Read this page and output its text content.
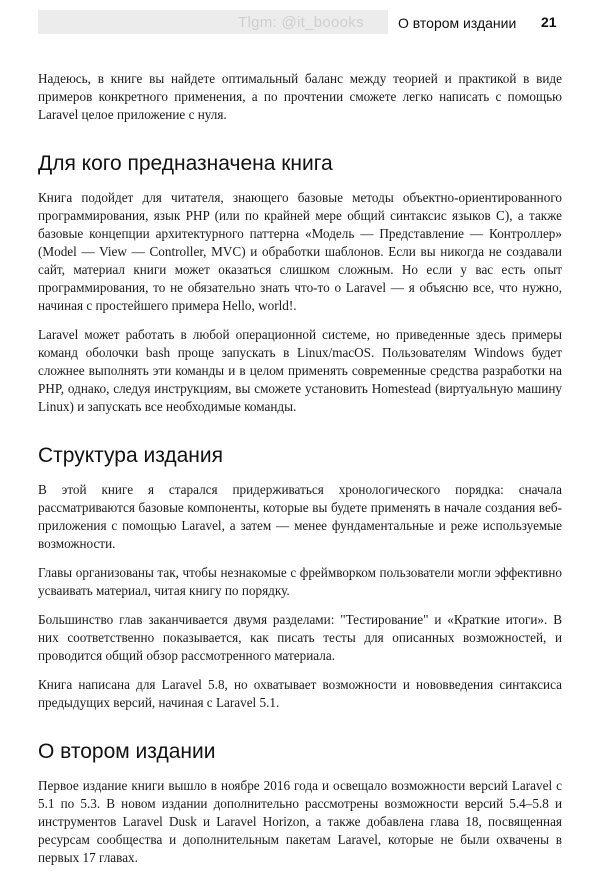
Tlgm: @it_boooks О втором издании 21

Надеюсь, в книге вы найдете оптимальный баланс между теорией и практикой в виде примеров конкретного применения, а по прочтении сможете легко написать с помощью Laravel целое приложение с нуля.

Для кого предназначена книга

Книга подойдет для читателя, знающего базовые методы объектно-ориентированного программирования, язык PHP (или по крайней мере общий синтаксис языков С), а также базовые концепции архитектурного паттерна «Модель — Представление — Контроллер» (Model — View — Controller, MVC) и обработки шаблонов. Если вы никогда не создавали сайт, материал книги может оказаться слишком сложным. Но если у вас есть опыт программирования, то не обязательно знать что-то о Laravel — я объясню все, что нужно, начиная с простейшего примера Hello, world!.

Laravel может работать в любой операционной системе, но приведенные здесь примеры команд оболочки bash проще запускать в Linux/macOS. Пользователям Windows будет сложнее выполнять эти команды и в целом применять современные средства разработки на PHP, однако, следуя инструкциям, вы сможете установить Homestead (виртуальную машину Linux) и запускать все необходимые команды.

Структура издания

В этой книге я старался придерживаться хронологического порядка: сначала рассматриваются базовые компоненты, которые вы будете применять в начале создания веб-приложения с помощью Laravel, а затем — менее фундаментальные и реже используемые возможности.

Главы организованы так, чтобы незнакомые с фреймворком пользователи могли эффективно усваивать материал, читая книгу по порядку.

Большинство глав заканчивается двумя разделами: "Тестирование" и «Краткие итоги». В них соответственно показывается, как писать тесты для описанных возможностей, и проводится общий обзор рассмотренного материала.

Книга написана для Laravel 5.8, но охватывает возможности и нововведения синтаксиса предыдущих версий, начиная с Laravel 5.1.

О втором издании

Первое издание книги вышло в ноябре 2016 года и освещало возможности версий Laravel с 5.1 по 5.3. В новом издании дополнительно рассмотрены возможности версий 5.4–5.8 и инструментов Laravel Dusk и Laravel Horizon, а также добавлена глава 18, посвященная ресурсам сообщества и дополнительным пакетам Laravel, которые не были охвачены в первых 17 главах.
